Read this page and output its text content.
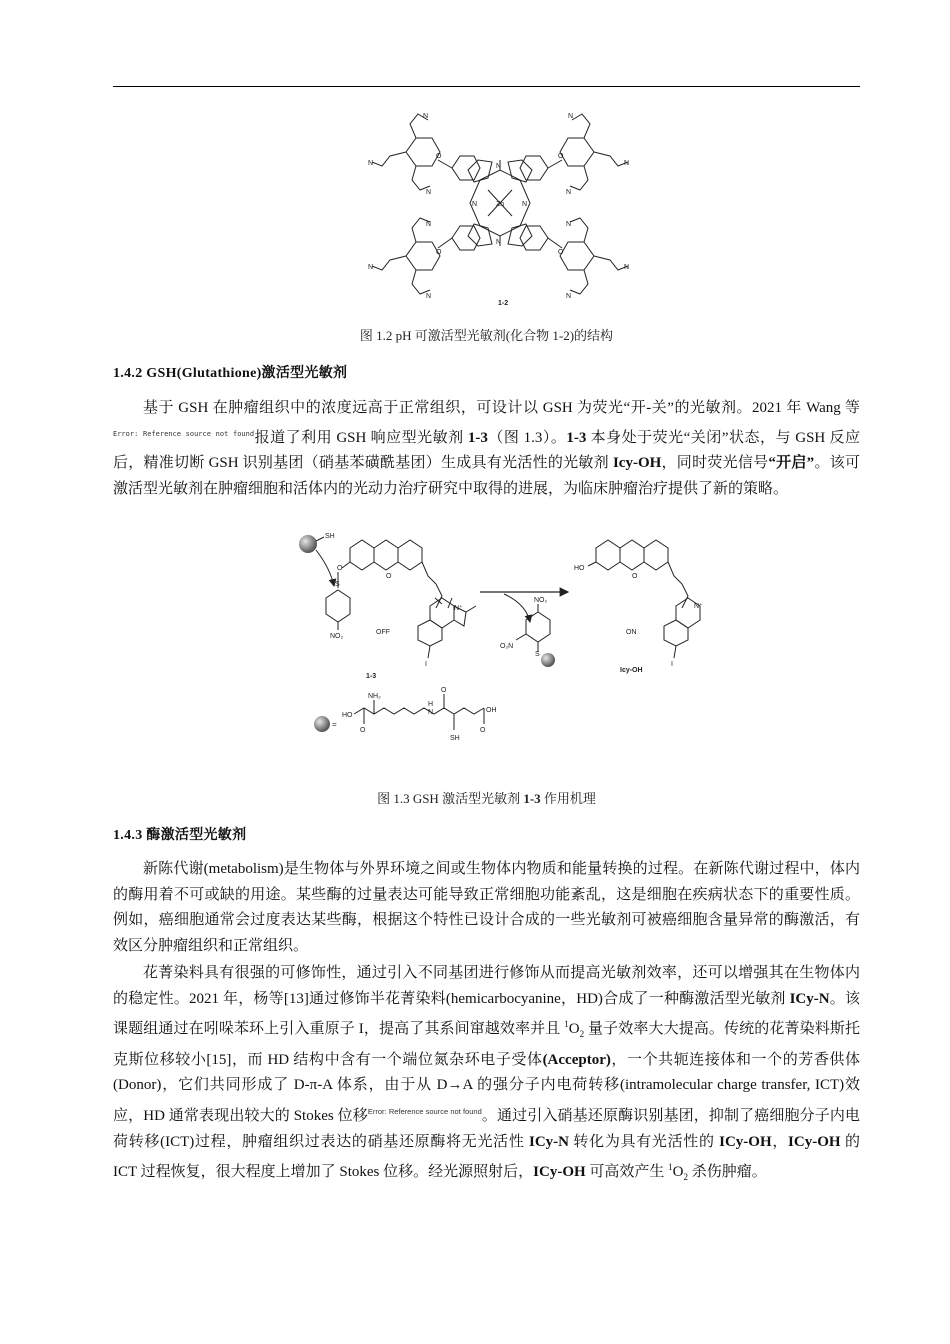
Zn
O	O
O	O
N
N
N	N
N
N
N
N
N
N
N
N
N
N
N
N
1-2
图 1.2 pH 可激活型光敏剂(化合物 1-2)的结构
1.4.2 GSH(Glutathione)激活型光敏剂
基于 GSH 在肿瘤组织中的浓度远高于正常组织，可设计以 GSH 为荧光“开-关”的光敏剂。2021 年 Wang 等$^{Error: Reference source not found}$报道了利用 GSH 响应型光敏剂 1-3（图 1.3）。1-3 本身处于荧光“关闭”状态，与 GSH 反应后，精准切断 GSH 识别基团（硝基苯磺酰基团）生成具有光活性的光敏剂 Icy-OH，同时荧光信号“开启”。该可激活型光敏剂在肿瘤细胞和活体内的光动力治疗研究中取得的进展，为临床肿瘤治疗提供了新的策略。
SH
O
S
O
N⁺
NO₂
OFF
I
1-3
NO₂
O₂N
S
HO
O
N⁺
ON
I
Icy-OH
=
HO
O
NH₂
H
N
O
SH
OH
O
图 1.3 GSH 激活型光敏剂 1-3 作用机理
1.4.3 酶激活型光敏剂
新陈代谢(metabolism)是生物体与外界环境之间或生物体内物质和能量转换的过程。在新陈代谢过程中，体内的酶用着不可或缺的用途。某些酶的过量表达可能导致正常细胞功能紊乱，这是细胞在疾病状态下的重要性质。例如，癌细胞通常会过度表达某些酶，根据这个特性已设计合成的一些光敏剂可被癌细胞含量异常的酶激活，有效区分肿瘤组织和正常组织。
花菁染料具有很强的可修饰性，通过引入不同基团进行修饰从而提高光敏剂效率，还可以增强其在生物体内的稳定性。2021 年，杨等[13]通过修饰半花菁染料(hemicarbocyanine，HD)合成了一种酶激活型光敏剂 ICy-N。该课题组通过在吲哚苯环上引入重原子 I，提高了其系间窜越效率并且 $^1O_2$ 量子效率大大提高。传统的花菁染料斯托克斯位移较小[15]，而 HD 结构中含有一个端位氮杂环电子受体(Acceptor)，一个共轭连接体和一个的芳香供体(Donor)，它们共同形成了 D-π-A 体系，由于从 D→A 的强分子内电荷转移(intramolecular charge transfer, ICT)效应，HD 通常表现出较大的 Stokes 位移$^{Error: Reference source not found}$。通过引入硝基还原酶识别基团，抑制了癌细胞分子内电荷转移(ICT)过程，肿瘤组织过表达的硝基还原酶将无光活性 ICy-N 转化为具有光活性的 ICy-OH，ICy-OH 的 ICT 过程恢复，很大程度上增加了 Stokes 位移。经光源照射后，ICy-OH 可高效产生 $^1O_2$ 杀伤肿瘤。
